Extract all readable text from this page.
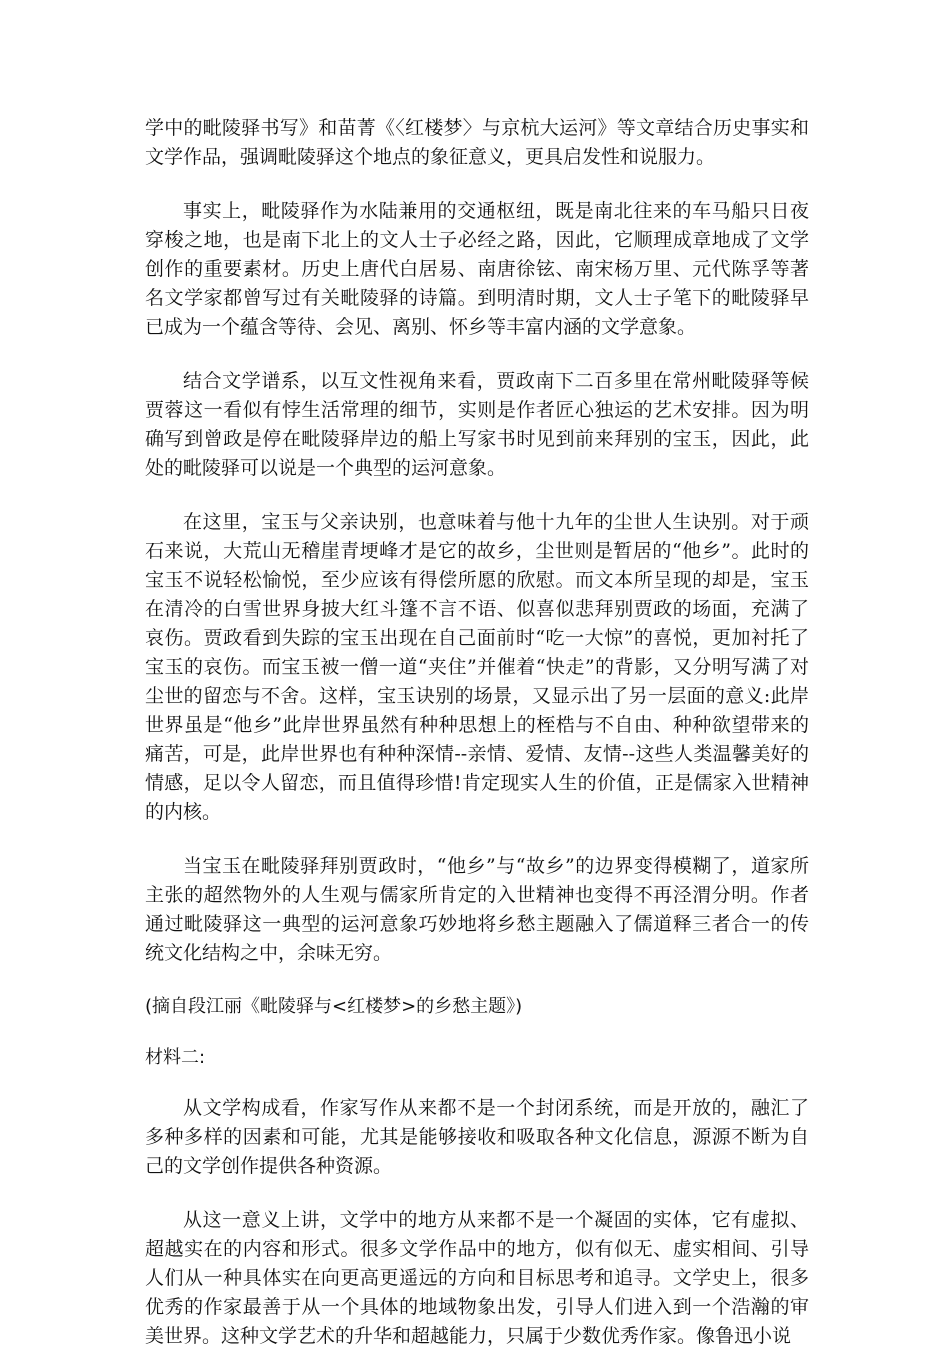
学中的毗陵驿书写》和苗菁《〈红楼梦〉与京杭大运河》等文章结合历史事实和文学作品，强调毗陵驿这个地点的象征意义，更具启发性和说服力。

事实上，毗陵驿作为水陆兼用的交通枢纽，既是南北往来的车马船只日夜穿梭之地，也是南下北上的文人士子必经之路，因此，它顺理成章地成了文学创作的重要素材。历史上唐代白居易、南唐徐铉、南宋杨万里、元代陈孚等著名文学家都曾写过有关毗陵驿的诗篇。到明清时期，文人士子笔下的毗陵驿早已成为一个蕴含等待、会见、离别、怀乡等丰富内涵的文学意象。

结合文学谱系，以互文性视角来看，贾政南下二百多里在常州毗陵驿等候贾蓉这一看似有悖生活常理的细节，实则是作者匠心独运的艺术安排。因为明确写到曾政是停在毗陵驿岸边的船上写家书时见到前来拜别的宝玉，因此，此处的毗陵驿可以说是一个典型的运河意象。

在这里，宝玉与父亲诀别，也意味着与他十九年的尘世人生诀别。对于顽石来说，大荒山无稽崖青埂峰才是它的故乡，尘世则是暂居的“他乡”。此时的宝玉不说轻松愉悦，至少应该有得偿所愿的欣慰。而文本所呈现的却是，宝玉在清冷的白雪世界身披大红斗篷不言不语、似喜似悲拜别贾政的场面，充满了哀伤。贾政看到失踪的宝玉出现在自己面前时“吃一大惊”的喜悦，更加衬托了宝玉的哀伤。而宝玉被一僧一道“夹住”并催着“快走”的背影，又分明写满了对尘世的留恋与不舍。这样，宝玉诀别的场景，又显示出了另一层面的意义:此岸世界虽是“他乡”此岸世界虽然有种种思想上的桎梏与不自由、种种欲望带来的痛苦，可是，此岸世界也有种种深情--亲情、爱情、友情--这些人类温馨美好的情感，足以令人留恋，而且值得珍惜!肯定现实人生的价值，正是儒家入世精神的内核。

当宝玉在毗陵驿拜别贾政时，“他乡”与“故乡”的边界变得模糊了，道家所主张的超然物外的人生观与儒家所肯定的入世精神也变得不再泾渭分明。作者通过毗陵驿这一典型的运河意象巧妙地将乡愁主题融入了儒道释三者合一的传统文化结构之中，余味无穷。

(摘自段江丽《毗陵驿与<红楼梦>的乡愁主题》)

材料二:

从文学构成看，作家写作从来都不是一个封闭系统，而是开放的，融汇了多种多样的因素和可能，尤其是能够接收和吸取各种文化信息，源源不断为自己的文学创作提供各种资源。

从这一意义上讲，文学中的地方从来都不是一个凝固的实体，它有虚拟、超越实在的内容和形式。很多文学作品中的地方，似有似无、虚实相间、引导人们从一种具体实在向更高更遥远的方向和目标思考和追寻。文学史上，很多优秀的作家最善于从一个具体的地域物象出发，引导人们进入到一个浩瀚的审美世界。这种文学艺术的升华和超越能力，只属于少数优秀作家。像鲁迅小说
